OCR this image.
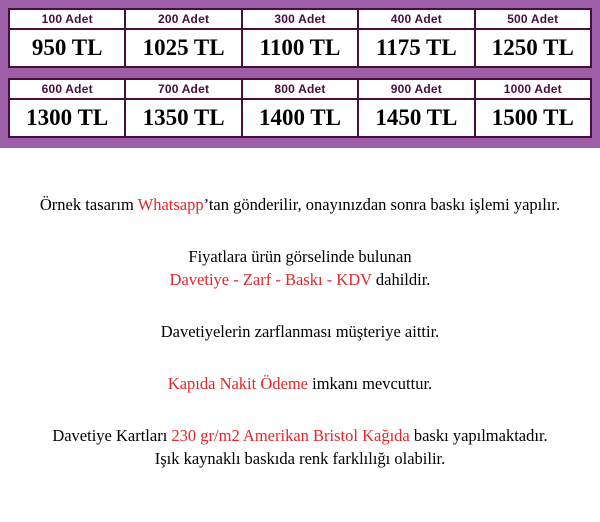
100 Adet	200 Adet	300 Adet	400 Adet	500 Adet
950 TL	1025 TL	1100 TL	1175 TL	1250 TL
600 Adet	700 Adet	800 Adet	900 Adet	1000 Adet
1300 TL	1350 TL	1400 TL	1450 TL	1500 TL
Örnek tasarım Whatsapp’tan gönderilir, onayınızdan sonra baskı işlemi yapılır.
Fiyatlara ürün görselinde bulunan
Davetiye - Zarf - Baskı - KDV dahildir.
Davetiyelerin zarflanması müşteriye aittir.
Kapıda Nakit Ödeme imkanı mevcuttur.
Davetiye Kartları 230 gr/m2 Amerikan Bristol Kağıda baskı yapılmaktadır.
Işık kaynaklı baskıda renk farklılığı olabilir.
